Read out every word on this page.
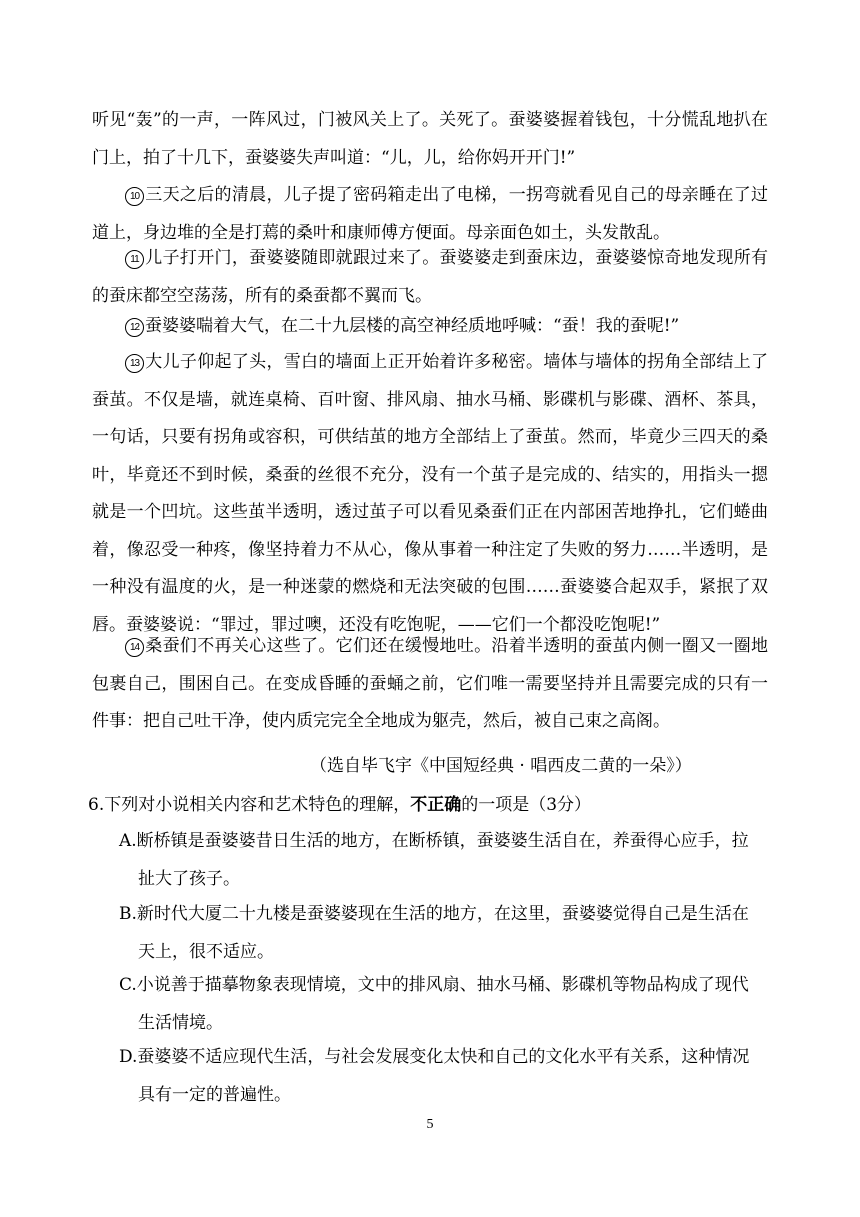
听见“轰”的一声，一阵风过，门被风关上了。关死了。蚕婆婆握着钱包，十分慌乱地扒在门上，拍了十几下，蚕婆婆失声叫道：“儿，儿，给你妈开开门!”
10 三天之后的清晨，儿子提了密码箱走出了电梯，一拐弯就看见自己的母亲睡在了过道上，身边堆的全是打蔫的桑叶和康师傅方便面。母亲面色如土，头发散乱。
11 儿子打开门，蚕婆婆随即就跟过来了。蚕婆婆走到蚕床边，蚕婆婆惊奇地发现所有的蚕床都空空荡荡，所有的桑蚕都不翼而飞。
12 蚕婆婆喘着大气，在二十九层楼的高空神经质地呼喊：“蚕！我的蚕呢!”
13 大儿子仰起了头，雪白的墙面上正开始着许多秘密。墙体与墙体的拐角全部结上了蚕茧。不仅是墙，就连桌椅、百叶窗、排风扇、抽水马桶、影碟机与影碟、酒杯、茶具，一句话，只要有拐角或容积，可供结茧的地方全部结上了蚕茧。然而，毕竟少三四天的桑叶，毕竟还不到时候，桑蚕的丝很不充分，没有一个茧子是完成的、结实的，用指头一摁就是一个凹坑。这些茧半透明，透过茧子可以看见桑蚕们正在内部困苦地挣扎，它们蜷曲着，像忍受一种疼，像坚持着力不从心，像从事着一种注定了失败的努力……半透明，是一种没有温度的火，是一种迷蒙的燃烧和无法突破的包围……蚕婆婆合起双手，紧抿了双唇。蚕婆婆说：“罪过，罪过噢，还没有吃饱呢，——它们一个都没吃饱呢!”
14 桑蚕们不再关心这些了。它们还在缓慢地吐。沿着半透明的蚕茧内侧一圈又一圈地包裹自己，围困自己。在变成昏睡的蚕蛹之前，它们唯一需要坚持并且需要完成的只有一件事：把自己吐干净，使内质完完全全地成为躯壳，然后，被自己束之高阁。
（选自毕飞宇《中国短经典 · 唱西皮二黄的一朵》）
6.下列对小说相关内容和艺术特色的理解，不正确的一项是（3分）
A.断桥镇是蚕婆婆昔日生活的地方，在断桥镇，蚕婆婆生活自在，养蚕得心应手，拉
扯大了孩子。
B.新时代大厦二十九楼是蚕婆婆现在生活的地方，在这里，蚕婆婆觉得自己是生活在
天上，很不适应。
C.小说善于描摹物象表现情境，文中的排风扇、抽水马桶、影碟机等物品构成了现代
生活情境。
D.蚕婆婆不适应现代生活，与社会发展变化太快和自己的文化水平有关系，这种情况
具有一定的普遍性。
5
